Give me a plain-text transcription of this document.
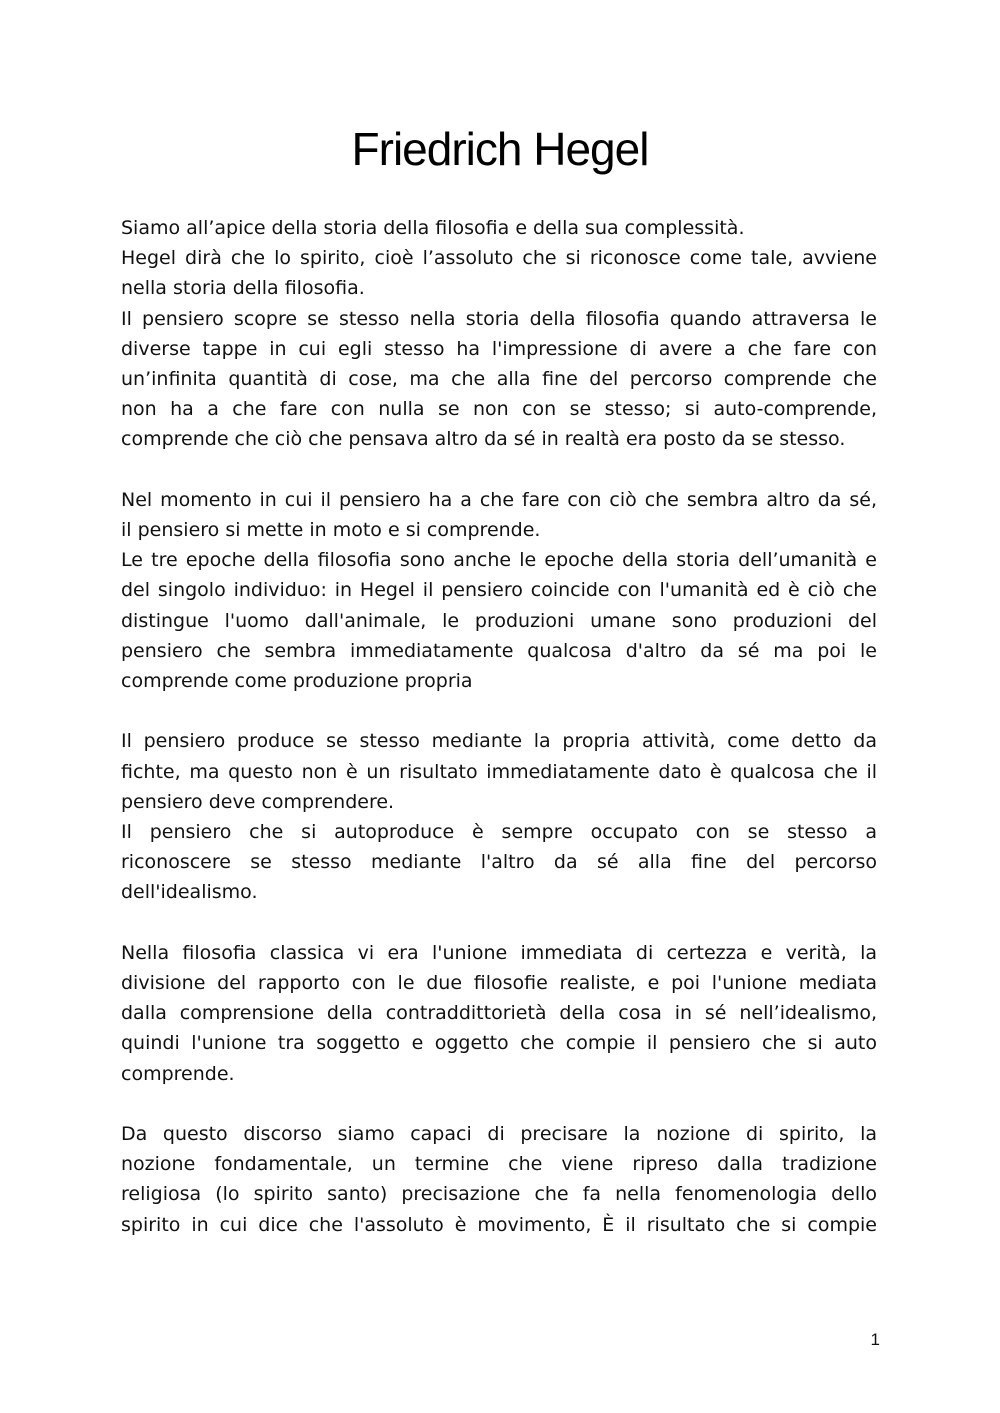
Friedrich Hegel
Siamo all’apice della storia della filosofia e della sua complessità.
Hegel dirà che lo spirito, cioè l’assoluto che si riconosce come tale, avviene
nella storia della filosofia.
Il pensiero scopre se stesso nella storia della filosofia quando attraversa le
diverse tappe in cui egli stesso ha l'impressione di avere a che fare con
un’infinita quantità di cose, ma che alla fine del percorso comprende che
non ha a che fare con nulla se non con se stesso; si auto-comprende,
comprende che ciò che pensava altro da sé in realtà era posto da se stesso.
Nel momento in cui il pensiero ha a che fare con ciò che sembra altro da sé,
il pensiero si mette in moto e si comprende.
Le tre epoche della filosofia sono anche le epoche della storia dell’umanità e
del singolo individuo: in Hegel il pensiero coincide con l'umanità ed è ciò che
distingue l'uomo dall'animale, le produzioni umane sono produzioni del
pensiero che sembra immediatamente qualcosa d'altro da sé ma poi le
comprende come produzione propria
Il pensiero produce se stesso mediante la propria attività, come detto da
fichte, ma questo non è un risultato immediatamente dato è qualcosa che il
pensiero deve comprendere.
Il pensiero che si autoproduce è sempre occupato con se stesso a
riconoscere se stesso mediante l'altro da sé alla fine del percorso
dell'idealismo.
Nella filosofia classica vi era l'unione immediata di certezza e verità, la
divisione del rapporto con le due filosofie realiste, e poi l'unione mediata
dalla comprensione della contraddittorietà della cosa in sé nell’idealismo,
quindi l'unione tra soggetto e oggetto che compie il pensiero che si auto
comprende.
Da questo discorso siamo capaci di precisare la nozione di spirito, la
nozione fondamentale, un termine che viene ripreso dalla tradizione
religiosa (lo spirito santo) precisazione che fa nella fenomenologia dello
spirito in cui dice che l'assoluto è movimento, È il risultato che si compie
1
